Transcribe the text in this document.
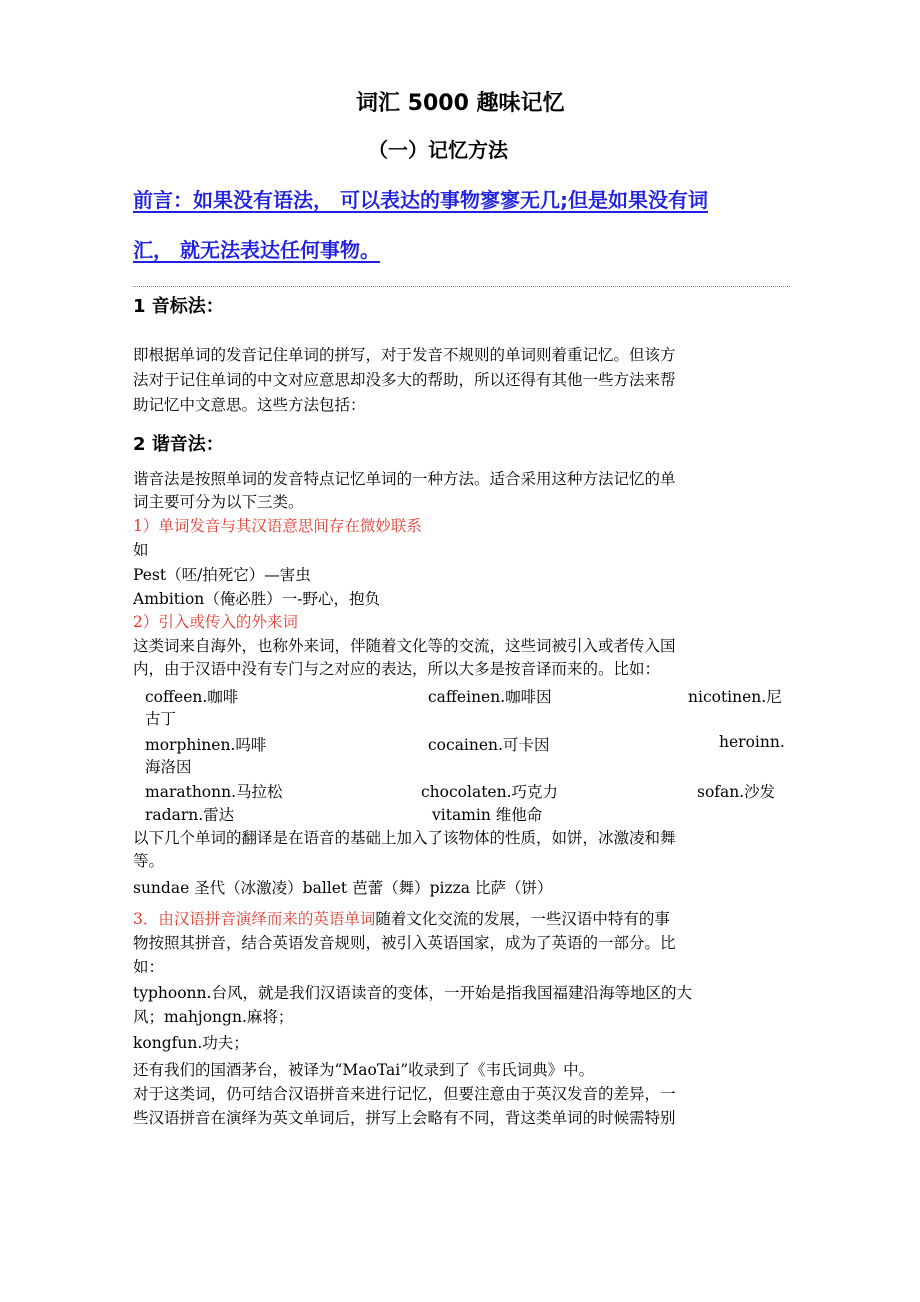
词汇 5000 趣味记忆
（一）记忆方法
前言：如果没有语法， 可以表达的事物寥寥无几;但是如果没有词
汇， 就无法表达任何事物。
1 音标法：
即根据单词的发音记住单词的拼写，对于发音不规则的单词则着重记忆。但该方
法对于记住单词的中文对应意思却没多大的帮助，所以还得有其他一些方法来帮
助记忆中文意思。这些方法包括：
2 谐音法：
谐音法是按照单词的发音特点记忆单词的一种方法。适合采用这种方法记忆的单
词主要可分为以下三类。
1）单词发音与其汉语意思间存在微妙联系
如
Pest（呸/拍死它）—害虫
Ambition（俺必胜）一-野心，抱负
2）引入或传入的外来词
这类词来自海外，也称外来词，伴随着文化等的交流，这些词被引入或者传入国
内，由于汉语中没有专门与之对应的表达，所以大多是按音译而来的。比如：
coffeen.咖啡	caffeinen.咖啡因	nicotinen.尼
古丁
morphinen.吗啡	cocainen.可卡因	heroinn.
海洛因
marathonn.马拉松	chocolaten.巧克力	sofan.沙发
radarn.雷达	vitamin 维他命
以下几个单词的翻译是在语音的基础上加入了该物体的性质，如饼，冰激凌和舞
等。
sundae 圣代（冰激凌）ballet 芭蕾（舞）pizza 比萨（饼）
3．由汉语拼音演绎而来的英语单词随着文化交流的发展，一些汉语中特有的事
物按照其拼音，结合英语发音规则，被引入英语国家，成为了英语的一部分。比
如：
typhoonn.台风，就是我们汉语读音的变体，一开始是指我国福建沿海等地区的大
风；mahjongn.麻将；
kongfun.功夫；
还有我们的国酒茅台，被译为“MaoTai”收录到了《韦氏词典》中。
对于这类词，仍可结合汉语拼音来进行记忆，但要注意由于英汉发音的差异，一
些汉语拼音在演绎为英文单词后，拼写上会略有不同，背这类单词的时候需特别
